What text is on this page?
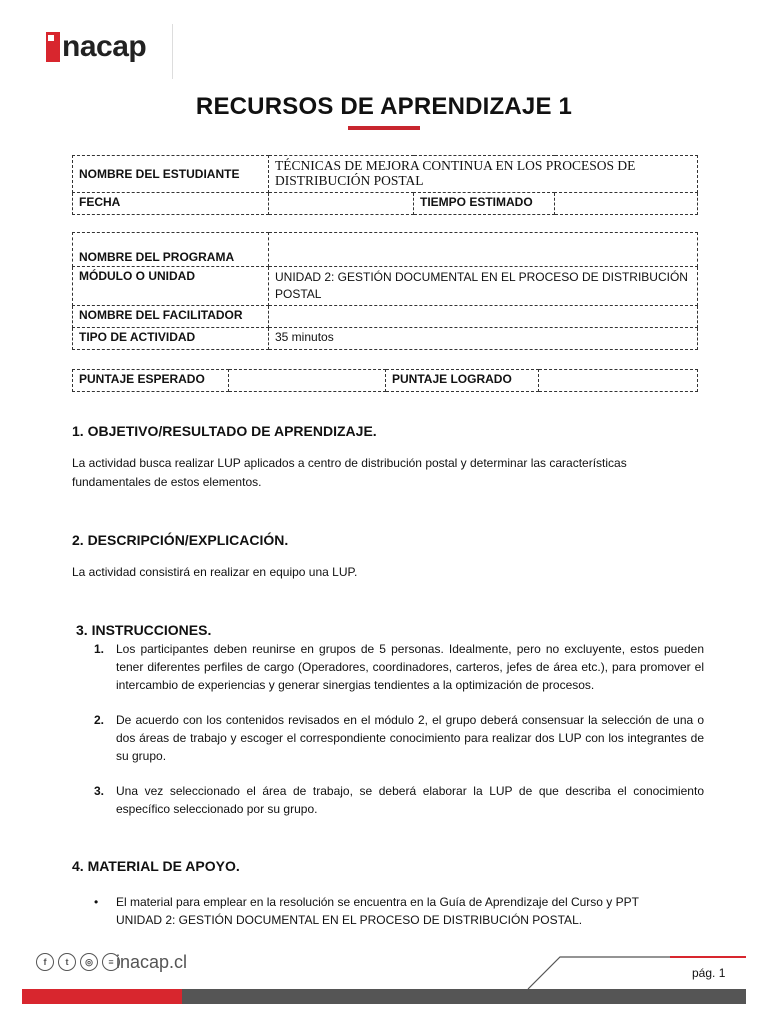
nacap
RECURSOS DE APRENDIZAJE 1
NOMBRE DEL ESTUDIANTE	TÉCNICAS DE MEJORA CONTINUA EN LOS PROCESOS DE DISTRIBUCIÓN POSTAL		
FECHA		TIEMPO ESTIMADO	
NOMBRE DEL PROGRAMA	
MÓDULO O UNIDAD	UNIDAD 2: GESTIÓN DOCUMENTAL EN EL PROCESO DE DISTRIBUCIÓN POSTAL
NOMBRE DEL FACILITADOR	
TIPO DE ACTIVIDAD	35 minutos
PUNTAJE ESPERADO		PUNTAJE LOGRADO	
1. OBJETIVO/RESULTADO DE APRENDIZAJE.
La actividad busca realizar LUP aplicados a centro de distribución postal y determinar las características fundamentales de estos elementos.
2. DESCRIPCIÓN/EXPLICACIÓN.
La actividad consistirá en realizar en equipo una LUP.
3. INSTRUCCIONES.
1. Los participantes deben reunirse en grupos de 5 personas. Idealmente, pero no excluyente, estos pueden tener diferentes perfiles de cargo (Operadores, coordinadores, carteros, jefes de área etc.), para promover el intercambio de experiencias y generar sinergias tendientes a la optimización de procesos.
2. De acuerdo con los contenidos revisados en el módulo 2, el grupo deberá consensuar la selección de una o dos áreas de trabajo y escoger el correspondiente conocimiento para realizar dos LUP con los integrantes de su grupo.
3. Una vez seleccionado el área de trabajo, se deberá elaborar la LUP de que describa el conocimiento específico seleccionado por su grupo.
4. MATERIAL DE APOYO.
• El material para emplear en la resolución se encuentra en la Guía de Aprendizaje del Curso y PPT
UNIDAD 2: GESTIÓN DOCUMENTAL EN EL PROCESO DE DISTRIBUCIÓN POSTAL.
f	t	◎	≡ inacap.cl
pág. 1
